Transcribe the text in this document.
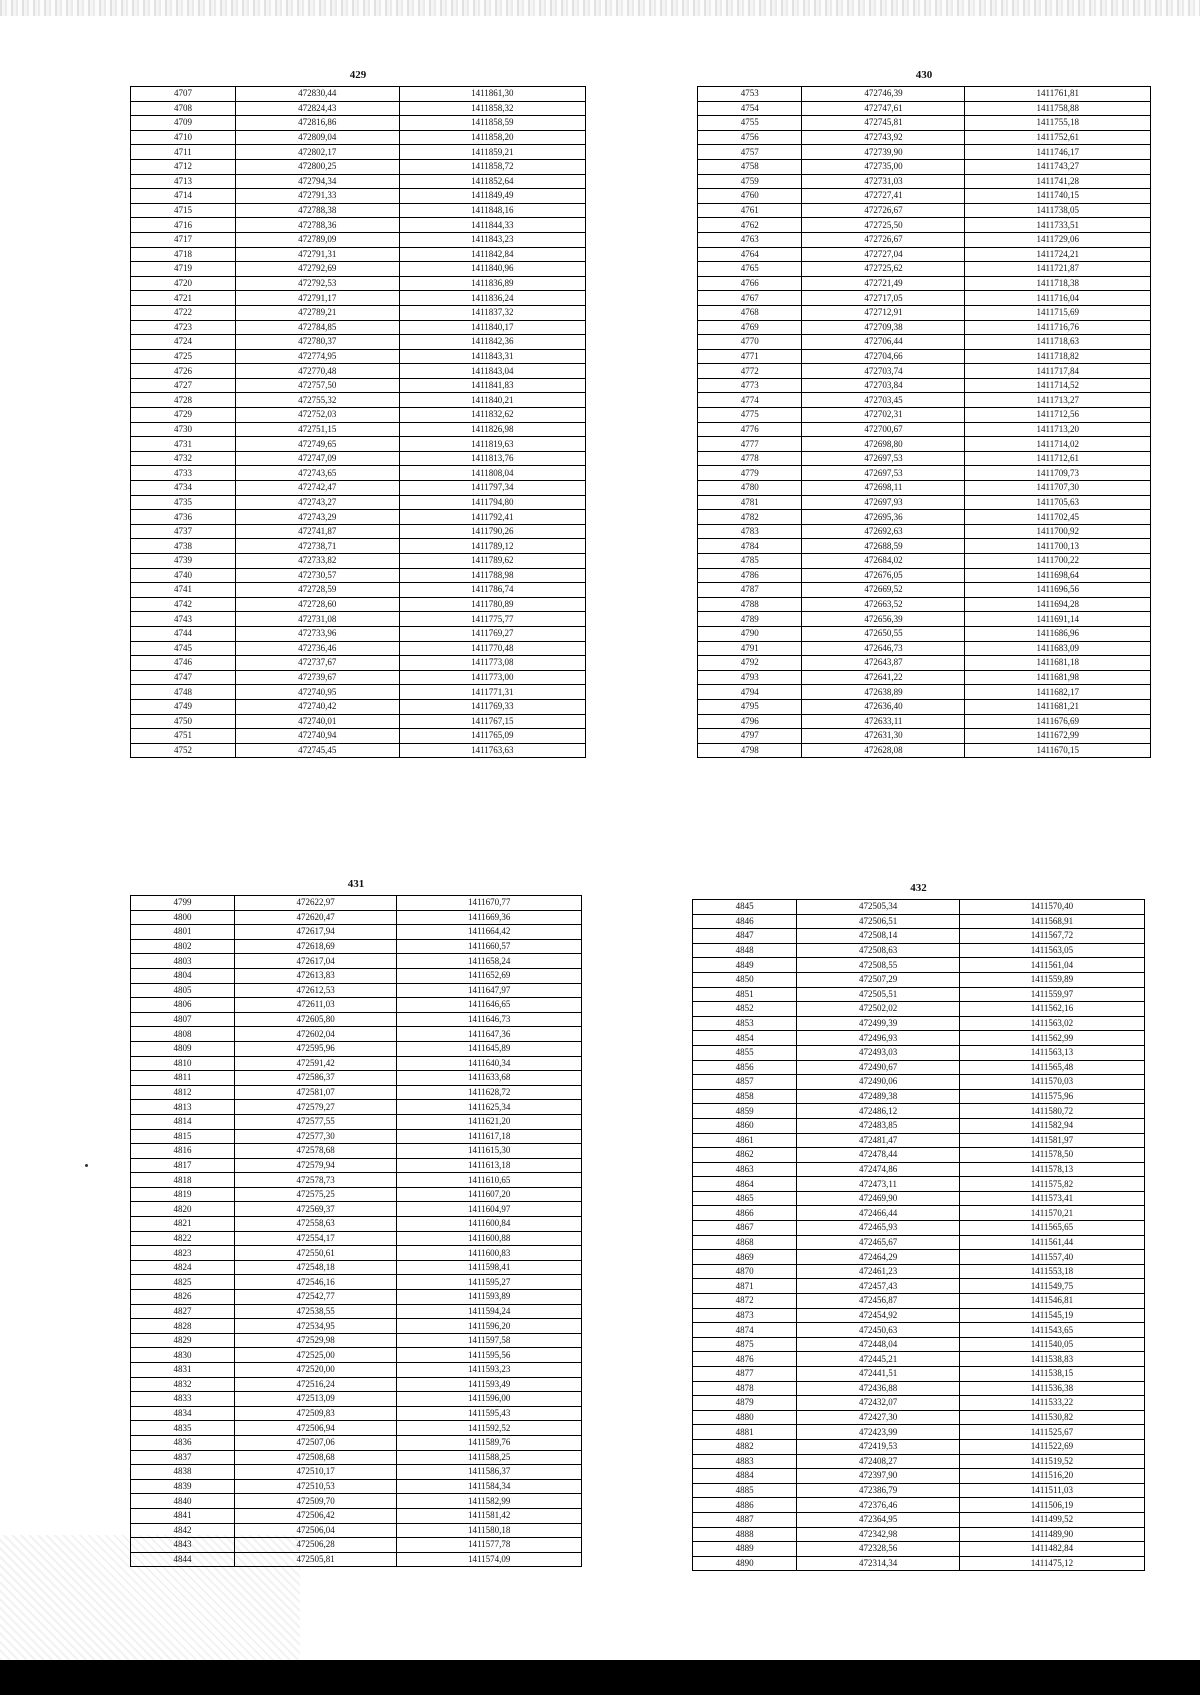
429
4707	472830,44	1411861,30
4708	472824,43	1411858,32
4709	472816,86	1411858,59
4710	472809,04	1411858,20
4711	472802,17	1411859,21
4712	472800,25	1411858,72
4713	472794,34	1411852,64
4714	472791,33	1411849,49
4715	472788,38	1411848,16
4716	472788,36	1411844,33
4717	472789,09	1411843,23
4718	472791,31	1411842,84
4719	472792,69	1411840,96
4720	472792,53	1411836,89
4721	472791,17	1411836,24
4722	472789,21	1411837,32
4723	472784,85	1411840,17
4724	472780,37	1411842,36
4725	472774,95	1411843,31
4726	472770,48	1411843,04
4727	472757,50	1411841,83
4728	472755,32	1411840,21
4729	472752,03	1411832,62
4730	472751,15	1411826,98
4731	472749,65	1411819,63
4732	472747,09	1411813,76
4733	472743,65	1411808,04
4734	472742,47	1411797,34
4735	472743,27	1411794,80
4736	472743,29	1411792,41
4737	472741,87	1411790,26
4738	472738,71	1411789,12
4739	472733,82	1411789,62
4740	472730,57	1411788,98
4741	472728,59	1411786,74
4742	472728,60	1411780,89
4743	472731,08	1411775,77
4744	472733,96	1411769,27
4745	472736,46	1411770,48
4746	472737,67	1411773,08
4747	472739,67	1411773,00
4748	472740,95	1411771,31
4749	472740,42	1411769,33
4750	472740,01	1411767,15
4751	472740,94	1411765,09
4752	472745,45	1411763,63
430
4753	472746,39	1411761,81
4754	472747,61	1411758,88
4755	472745,81	1411755,18
4756	472743,92	1411752,61
4757	472739,90	1411746,17
4758	472735,00	1411743,27
4759	472731,03	1411741,28
4760	472727,41	1411740,15
4761	472726,67	1411738,05
4762	472725,50	1411733,51
4763	472726,67	1411729,06
4764	472727,04	1411724,21
4765	472725,62	1411721,87
4766	472721,49	1411718,38
4767	472717,05	1411716,04
4768	472712,91	1411715,69
4769	472709,38	1411716,76
4770	472706,44	1411718,63
4771	472704,66	1411718,82
4772	472703,74	1411717,84
4773	472703,84	1411714,52
4774	472703,45	1411713,27
4775	472702,31	1411712,56
4776	472700,67	1411713,20
4777	472698,80	1411714,02
4778	472697,53	1411712,61
4779	472697,53	1411709,73
4780	472698,11	1411707,30
4781	472697,93	1411705,63
4782	472695,36	1411702,45
4783	472692,63	1411700,92
4784	472688,59	1411700,13
4785	472684,02	1411700,22
4786	472676,05	1411698,64
4787	472669,52	1411696,56
4788	472663,52	1411694,28
4789	472656,39	1411691,14
4790	472650,55	1411686,96
4791	472646,73	1411683,09
4792	472643,87	1411681,18
4793	472641,22	1411681,98
4794	472638,89	1411682,17
4795	472636,40	1411681,21
4796	472633,11	1411676,69
4797	472631,30	1411672,99
4798	472628,08	1411670,15
431
4799	472622,97	1411670,77
4800	472620,47	1411669,36
4801	472617,94	1411664,42
4802	472618,69	1411660,57
4803	472617,04	1411658,24
4804	472613,83	1411652,69
4805	472612,53	1411647,97
4806	472611,03	1411646,65
4807	472605,80	1411646,73
4808	472602,04	1411647,36
4809	472595,96	1411645,89
4810	472591,42	1411640,34
4811	472586,37	1411633,68
4812	472581,07	1411628,72
4813	472579,27	1411625,34
4814	472577,55	1411621,20
4815	472577,30	1411617,18
4816	472578,68	1411615,30
4817	472579,94	1411613,18
4818	472578,73	1411610,65
4819	472575,25	1411607,20
4820	472569,37	1411604,97
4821	472558,63	1411600,84
4822	472554,17	1411600,88
4823	472550,61	1411600,83
4824	472548,18	1411598,41
4825	472546,16	1411595,27
4826	472542,77	1411593,89
4827	472538,55	1411594,24
4828	472534,95	1411596,20
4829	472529,98	1411597,58
4830	472525,00	1411595,56
4831	472520,00	1411593,23
4832	472516,24	1411593,49
4833	472513,09	1411596,00
4834	472509,83	1411595,43
4835	472506,94	1411592,52
4836	472507,06	1411589,76
4837	472508,68	1411588,25
4838	472510,17	1411586,37
4839	472510,53	1411584,34
4840	472509,70	1411582,99
4841	472506,42	1411581,42
4842	472506,04	1411580,18
4843	472506,28	1411577,78
4844	472505,81	1411574,09
432
4845	472505,34	1411570,40
4846	472506,51	1411568,91
4847	472508,14	1411567,72
4848	472508,63	1411563,05
4849	472508,55	1411561,04
4850	472507,29	1411559,89
4851	472505,51	1411559,97
4852	472502,02	1411562,16
4853	472499,39	1411563,02
4854	472496,93	1411562,99
4855	472493,03	1411563,13
4856	472490,67	1411565,48
4857	472490,06	1411570,03
4858	472489,38	1411575,96
4859	472486,12	1411580,72
4860	472483,85	1411582,94
4861	472481,47	1411581,97
4862	472478,44	1411578,50
4863	472474,86	1411578,13
4864	472473,11	1411575,82
4865	472469,90	1411573,41
4866	472466,44	1411570,21
4867	472465,93	1411565,65
4868	472465,67	1411561,44
4869	472464,29	1411557,40
4870	472461,23	1411553,18
4871	472457,43	1411549,75
4872	472456,87	1411546,81
4873	472454,92	1411545,19
4874	472450,63	1411543,65
4875	472448,04	1411540,05
4876	472445,21	1411538,83
4877	472441,51	1411538,15
4878	472436,88	1411536,38
4879	472432,07	1411533,22
4880	472427,30	1411530,82
4881	472423,99	1411525,67
4882	472419,53	1411522,69
4883	472408,27	1411519,52
4884	472397,90	1411516,20
4885	472386,79	1411511,03
4886	472376,46	1411506,19
4887	472364,95	1411499,52
4888	472342,98	1411489,90
4889	472328,56	1411482,84
4890	472314,34	1411475,12
